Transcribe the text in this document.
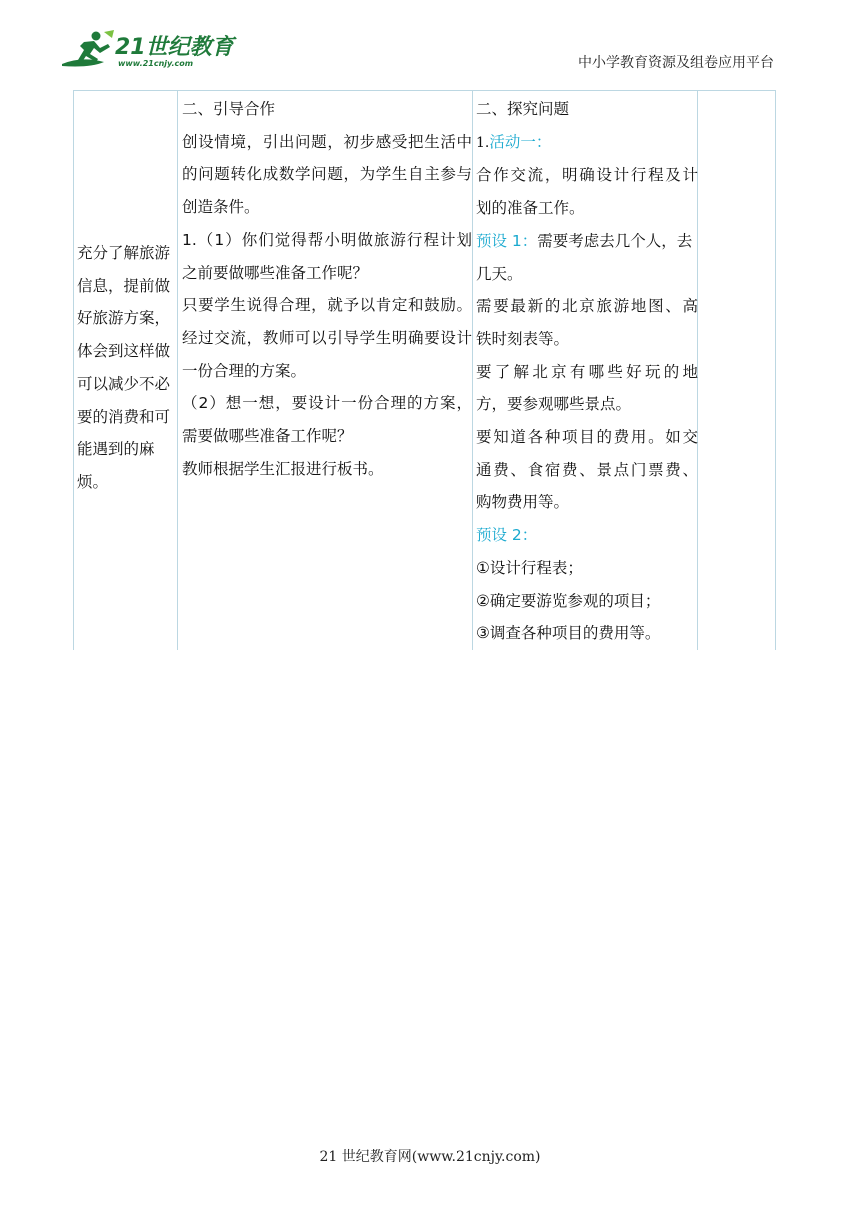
21世纪教育
www.21cnjy.com	中小学教育资源及组卷应用平台
充分了解旅游
信息，提前做
好旅游方案，
体会到这样做
可以减少不必
要的消费和可
能遇到的麻
烦。
二、引导合作
创设情境，引出问题，初步感受把生活中
的问题转化成数学问题，为学生自主参与
创造条件。
1.（1）你们觉得帮小明做旅游行程计划
之前要做哪些准备工作呢？
只要学生说得合理，就予以肯定和鼓励。
经过交流，教师可以引导学生明确要设计
一份合理的方案。
（2）想一想，要设计一份合理的方案，
需要做哪些准备工作呢？
教师根据学生汇报进行板书。
二、探究问题
1.活动一：
合作交流，明确设计行程及计
划的准备工作。
预设 1：需要考虑去几个人，去
几天。
需要最新的北京旅游地图、高
铁时刻表等。
要了解北京有哪些好玩的地
方，要参观哪些景点。
要知道各种项目的费用。如交
通费、食宿费、景点门票费、
购物费用等。
预设 2：
①设计行程表；
②确定要游览参观的项目；
③调查各种项目的费用等。
21 世纪教育网(www.21cnjy.com)
